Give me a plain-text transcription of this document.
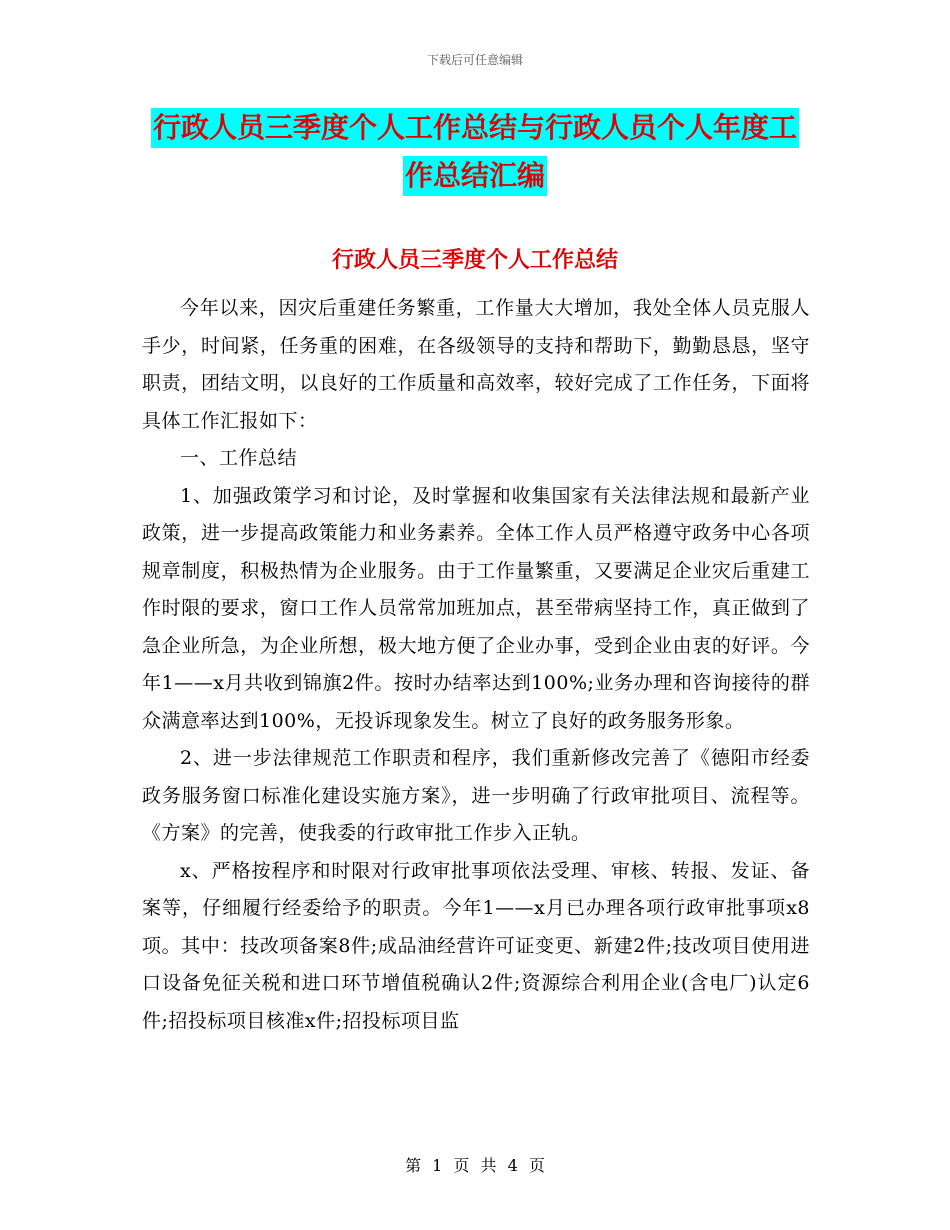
下载后可任意编辑
行政人员三季度个人工作总结与行政人员个人年度工
作总结汇编
行政人员三季度个人工作总结

今年以来，因灾后重建任务繁重，工作量大大增加，我处全体人员克服人手少，时间紧，任务重的困难，在各级领导的支持和帮助下，勤勤恳恳，坚守职责，团结文明，以良好的工作质量和高效率，较好完成了工作任务，下面将具体工作汇报如下：

一、工作总结

1、加强政策学习和讨论，及时掌握和收集国家有关法律法规和最新产业政策，进一步提高政策能力和业务素养。全体工作人员严格遵守政务中心各项规章制度，积极热情为企业服务。由于工作量繁重，又要满足企业灾后重建工作时限的要求，窗口工作人员常常加班加点，甚至带病坚持工作，真正做到了急企业所急，为企业所想，极大地方便了企业办事，受到企业由衷的好评。今年1——x月共收到锦旗2件。按时办结率达到100%;业务办理和咨询接待的群众满意率达到100%，无投诉现象发生。树立了良好的政务服务形象。

2、进一步法律规范工作职责和程序，我们重新修改完善了《德阳市经委政务服务窗口标准化建设实施方案》，进一步明确了行政审批项目、流程等。《方案》的完善，使我委的行政审批工作步入正轨。

x、严格按程序和时限对行政审批事项依法受理、审核、转报、发证、备案等，仔细履行经委给予的职责。今年1——x月已办理各项行政审批事项x8项。其中：技改项备案8件;成品油经营许可证变更、新建2件;技改项目使用进口设备免征关税和进口环节增值税确认2件;资源综合利用企业(含电厂)认定6件;招投标项目核准x件;招投标项目监

第 1 页 共 4 页
